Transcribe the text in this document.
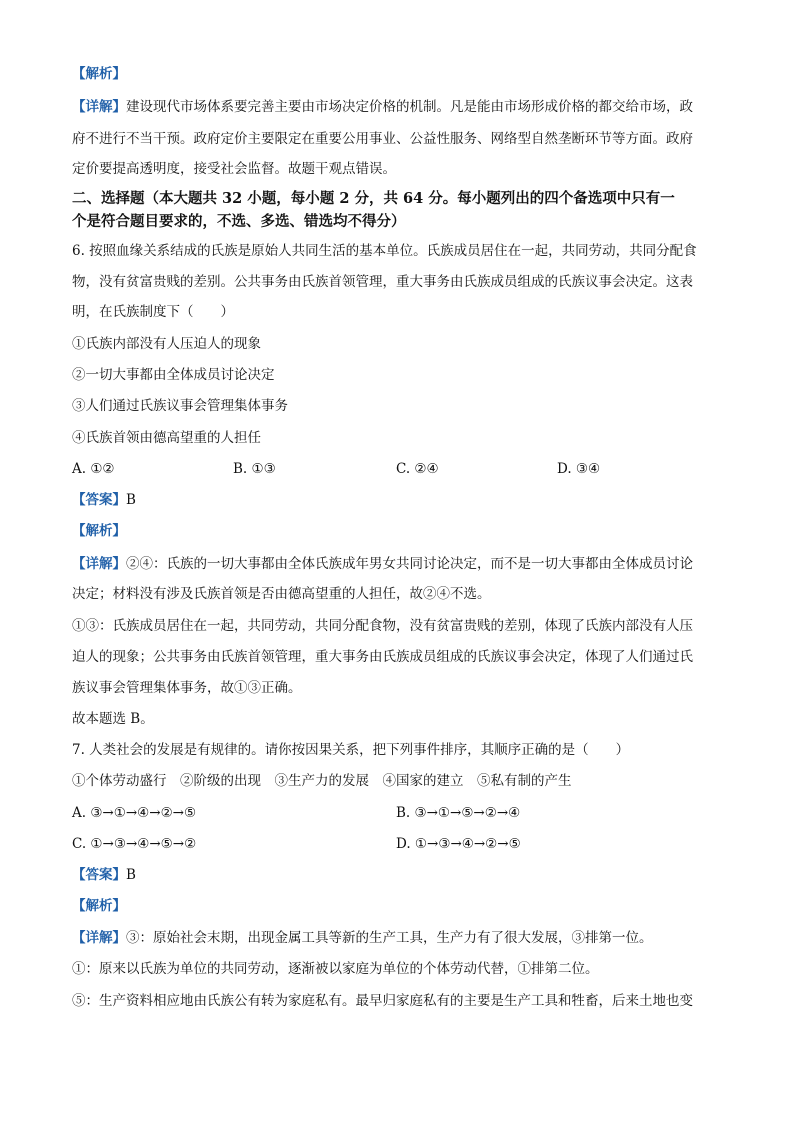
【解析】
【详解】建设现代市场体系要完善主要由市场决定价格的机制。凡是能由市场形成价格的都交给市场，政
府不进行不当干预。政府定价主要限定在重要公用事业、公益性服务、网络型自然垄断环节等方面。政府
定价要提高透明度，接受社会监督。故题干观点错误。
二、选择题（本大题共 32 小题，每小题 2 分，共 64 分。每小题列出的四个备选项中只有一
个是符合题目要求的，不选、多选、错选均不得分）
6. 按照血缘关系结成的氏族是原始人共同生活的基本单位。氏族成员居住在一起，共同劳动，共同分配食
物，没有贫富贵贱的差别。公共事务由氏族首领管理，重大事务由氏族成员组成的氏族议事会决定。这表
明，在氏族制度下（　　）
①氏族内部没有人压迫人的现象
②一切大事都由全体成员讨论决定
③人们通过氏族议事会管理集体事务
④氏族首领由德高望重的人担任
A. ①②	B. ①③	C. ②④	D. ③④
【答案】B
【解析】
【详解】②④：氏族的一切大事都由全体氏族成年男女共同讨论决定，而不是一切大事都由全体成员讨论
决定；材料没有涉及氏族首领是否由德高望重的人担任，故②④不选。
①③：氏族成员居住在一起，共同劳动，共同分配食物，没有贫富贵贱的差别，体现了氏族内部没有人压
迫人的现象；公共事务由氏族首领管理，重大事务由氏族成员组成的氏族议事会决定，体现了人们通过氏
族议事会管理集体事务，故①③正确。
故本题选 B。
7. 人类社会的发展是有规律的。请你按因果关系，把下列事件排序，其顺序正确的是（　　）
①个体劳动盛行　②阶级的出现　③生产力的发展　④国家的建立　⑤私有制的产生
A. ③→①→④→②→⑤	B. ③→①→⑤→②→④
C. ①→③→④→⑤→②	D. ①→③→④→②→⑤
【答案】B
【解析】
【详解】③：原始社会末期，出现金属工具等新的生产工具，生产力有了很大发展，③排第一位。
①：原来以氏族为单位的共同劳动，逐渐被以家庭为单位的个体劳动代替，①排第二位。
⑤：生产资料相应地由氏族公有转为家庭私有。最早归家庭私有的主要是生产工具和牲畜，后来土地也变
